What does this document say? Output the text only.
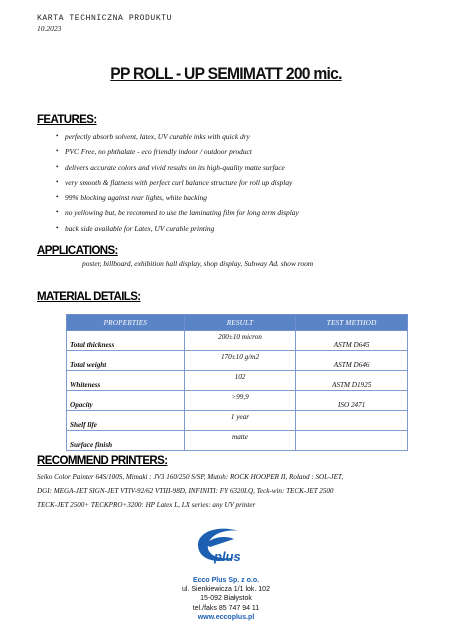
KARTA TECHNICZNA PRODUKTU
10.2023
PP ROLL - UP SEMIMATT 200 mic.
FEATURES:
• perfectly absorb solvent, latex, UV curable inks with quick dry
• PVC Free, no phthalate - eco friendly indoor / outdoor product
• delivers accurate colors and vivid results on its high-quality matte surface
• very smooth & flatness with perfect curl balance structure for roll up display
• 99% blocking against rear lights, white backing
• no yellowing but, be recommed to use the laminating film for long term display
• back side available for Latex, UV curable printing
APPLICATIONS:
poster, billboard, exhibition hall display, shop display, Subway Ad. show room
MATERIAL DETAILS:
PROPERTIES	RESULT	TEST METHOD
Total thickness	200±10 micron	ASTM D645
Total weight	170±10 g/m2	ASTM D646
Whiteness	102	ASTM D1925
Opacity	>99,9	ISO 2471
Shelf life	1 year	
Surface finish	matte	
RECOMMEND PRINTERS:

Seiko Color Painter 64S/100S, Mimaki : JV3 160/250 S/SP, Mutoh: ROCK HOOPER II, Roland : SOL-JET,

DGI: MEGA-JET SIGN-JET VTIV-92/62 VTIII-98D, INFINITI: FY 6320LQ, Teck-win: TECK-JET 2500

TECK-JET 2500+ TECKPRO+3200: HP Latex L, LX series: any UV printer

plus
Ecco Plus Sp. z o.o.
ul. Sienkiewicza 1/1 lok. 102
15-092 Białystok
tel./faks 85 747 94 11
www.eccoplus.pl
